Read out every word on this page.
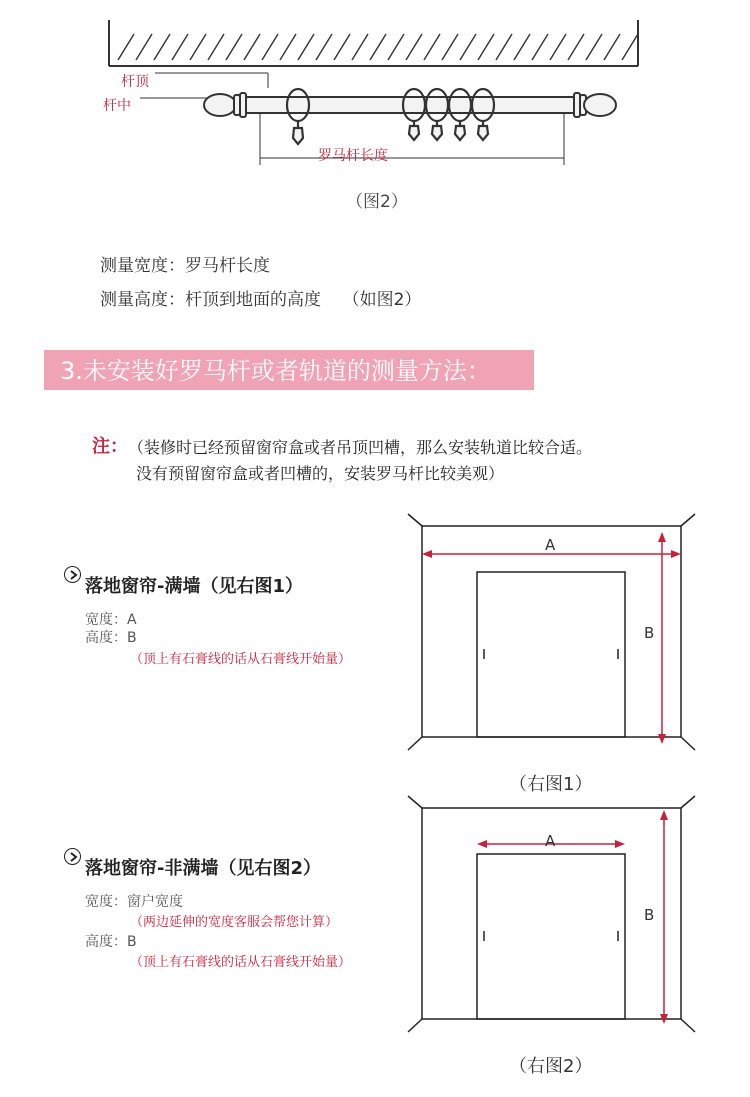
杆顶
杆中
罗马杆长度
（图2）
测量宽度：罗马杆长度
测量高度：杆顶到地面的高度    （如图2）
3.未安装好罗马杆或者轨道的测量方法：
注： （装修时已经预留窗帘盒或者吊顶凹槽，那么安装轨道比较合适。
没有预留窗帘盒或者凹槽的，安装罗马杆比较美观）
落地窗帘-满墙（见右图1）
宽度：A
高度：B
（顶上有石膏线的话从石膏线开始量）
A
B
（右图1）
落地窗帘-非满墙（见右图2）
宽度：窗户宽度
（两边延伸的宽度客服会帮您计算）
高度：B
（顶上有石膏线的话从石膏线开始量）
A
B
（右图2）
